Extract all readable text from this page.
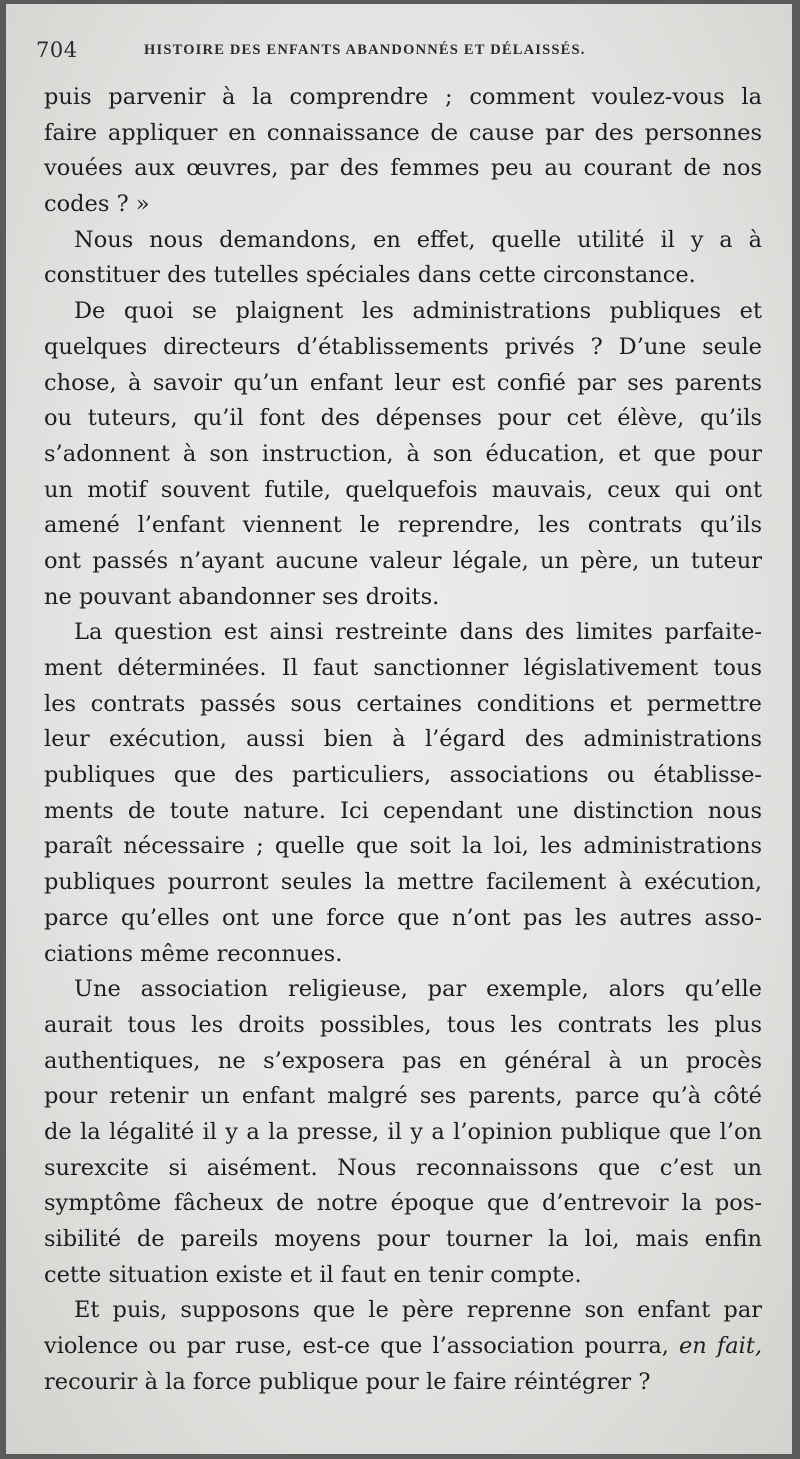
704	HISTOIRE DES ENFANTS ABANDONNÉS ET DÉLAISSÉS.
puis parvenir à la comprendre ; comment voulez-vous la
faire appliquer en connaissance de cause par des personnes
vouées aux œuvres, par des femmes peu au courant de nos
codes ? »
Nous nous demandons, en effet, quelle utilité il y a à
constituer des tutelles spéciales dans cette circonstance.
De quoi se plaignent les administrations publiques et
quelques directeurs d’établissements privés ? D’une seule
chose, à savoir qu’un enfant leur est confié par ses parents
ou tuteurs, qu’il font des dépenses pour cet élève, qu’ils
s’adonnent à son instruction, à son éducation, et que pour
un motif souvent futile, quelquefois mauvais, ceux qui ont
amené l’enfant viennent le reprendre, les contrats qu’ils
ont passés n’ayant aucune valeur légale, un père, un tuteur
ne pouvant abandonner ses droits.
La question est ainsi restreinte dans des limites parfaite-
ment déterminées. Il faut sanctionner législativement tous
les contrats passés sous certaines conditions et permettre
leur exécution, aussi bien à l’égard des administrations
publiques que des particuliers, associations ou établisse-
ments de toute nature. Ici cependant une distinction nous
paraît nécessaire ; quelle que soit la loi, les administrations
publiques pourront seules la mettre facilement à exécution,
parce qu’elles ont une force que n’ont pas les autres asso-
ciations même reconnues.
Une association religieuse, par exemple, alors qu’elle
aurait tous les droits possibles, tous les contrats les plus
authentiques, ne s’exposera pas en général à un procès
pour retenir un enfant malgré ses parents, parce qu’à côté
de la légalité il y a la presse, il y a l’opinion publique que l’on
surexcite si aisément. Nous reconnaissons que c’est un
symptôme fâcheux de notre époque que d’entrevoir la pos-
sibilité de pareils moyens pour tourner la loi, mais enfin
cette situation existe et il faut en tenir compte.
Et puis, supposons que le père reprenne son enfant par
violence ou par ruse, est-ce que l’association pourra, en fait,
recourir à la force publique pour le faire réintégrer ?
